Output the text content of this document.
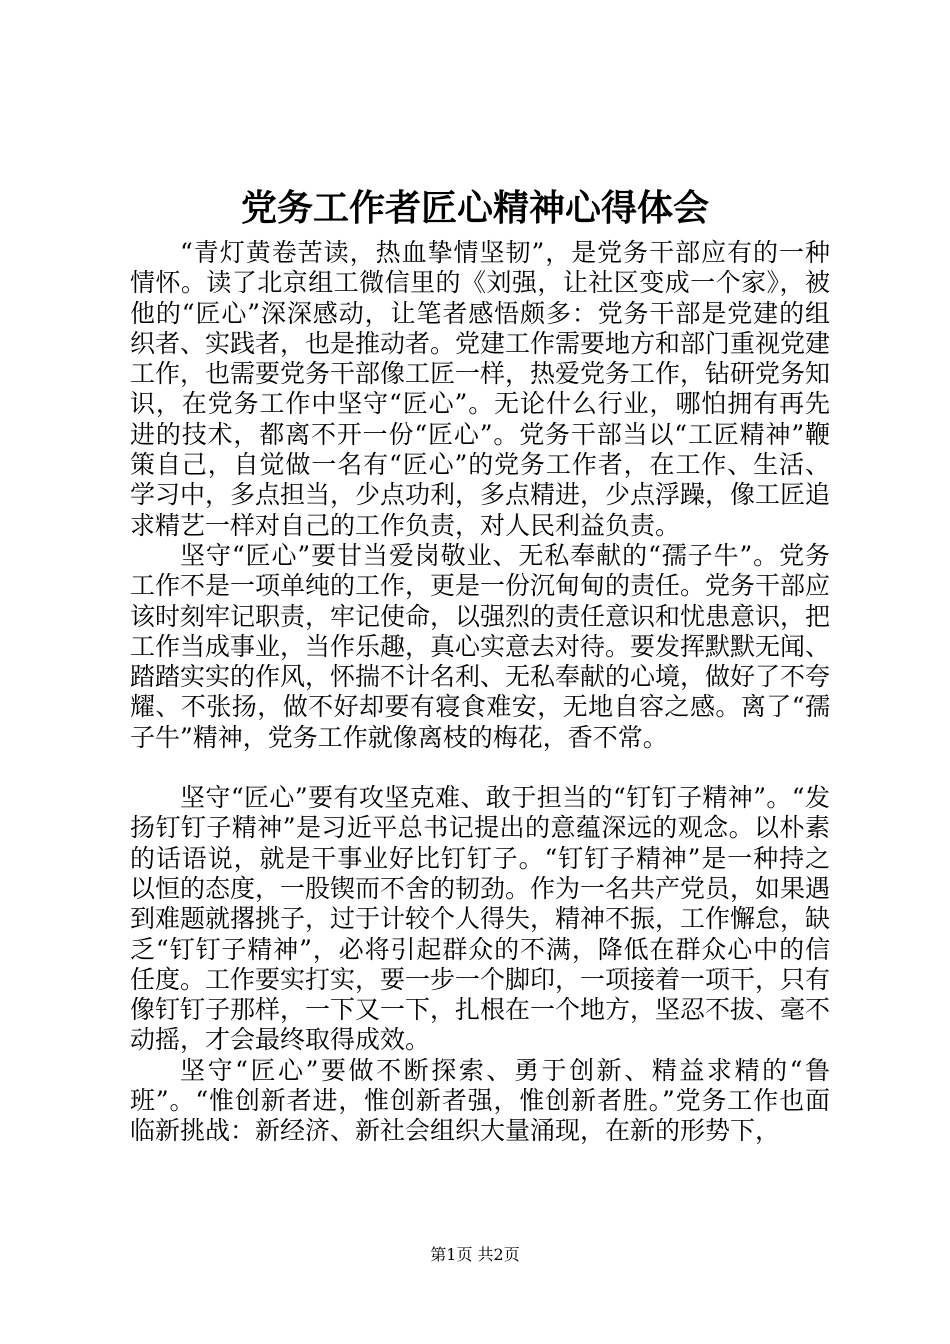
党务工作者匠心精神心得体会

“青灯黄卷苦读，热血挚情坚韧”，是党务干部应有的一种情怀。读了北京组工微信里的《刘强，让社区变成一个家》，被他的“匠心”深深感动，让笔者感悟颇多：党务干部是党建的组织者、实践者，也是推动者。党建工作需要地方和部门重视党建工作，也需要党务干部像工匠一样，热爱党务工作，钻研党务知识，在党务工作中坚守“匠心”。无论什么行业，哪怕拥有再先进的技术，都离不开一份“匠心”。党务干部当以“工匠精神”鞭策自己，自觉做一名有“匠心”的党务工作者，在工作、生活、学习中，多点担当，少点功利，多点精进，少点浮躁，像工匠追求精艺一样对自己的工作负责，对人民利益负责。

坚守“匠心”要甘当爱岗敬业、无私奉献的“孺子牛”。党务工作不是一项单纯的工作，更是一份沉甸甸的责任。党务干部应该时刻牢记职责，牢记使命，以强烈的责任意识和忧患意识，把工作当成事业，当作乐趣，真心实意去对待。要发挥默默无闻、踏踏实实的作风，怀揣不计名利、无私奉献的心境，做好了不夸耀、不张扬，做不好却要有寝食难安，无地自容之感。离了“孺子牛”精神，党务工作就像离枝的梅花，香不常。

坚守“匠心”要有攻坚克难、敢于担当的“钉钉子精神”。“发扬钉钉子精神”是习近平总书记提出的意蕴深远的观念。以朴素的话语说，就是干事业好比钉钉子。“钉钉子精神”是一种持之以恒的态度，一股锲而不舍的韧劲。作为一名共产党员，如果遇到难题就撂挑子，过于计较个人得失，精神不振，工作懈怠，缺乏“钉钉子精神”，必将引起群众的不满，降低在群众心中的信任度。工作要实打实，要一步一个脚印，一项接着一项干，只有像钉钉子那样，一下又一下，扎根在一个地方，坚忍不拔、毫不动摇，才会最终取得成效。

坚守“匠心”要做不断探索、勇于创新、精益求精的“鲁班”。“惟创新者进，惟创新者强，惟创新者胜。”党务工作也面临新挑战：新经济、新社会组织大量涌现，在新的形势下，

第1页 共2页
